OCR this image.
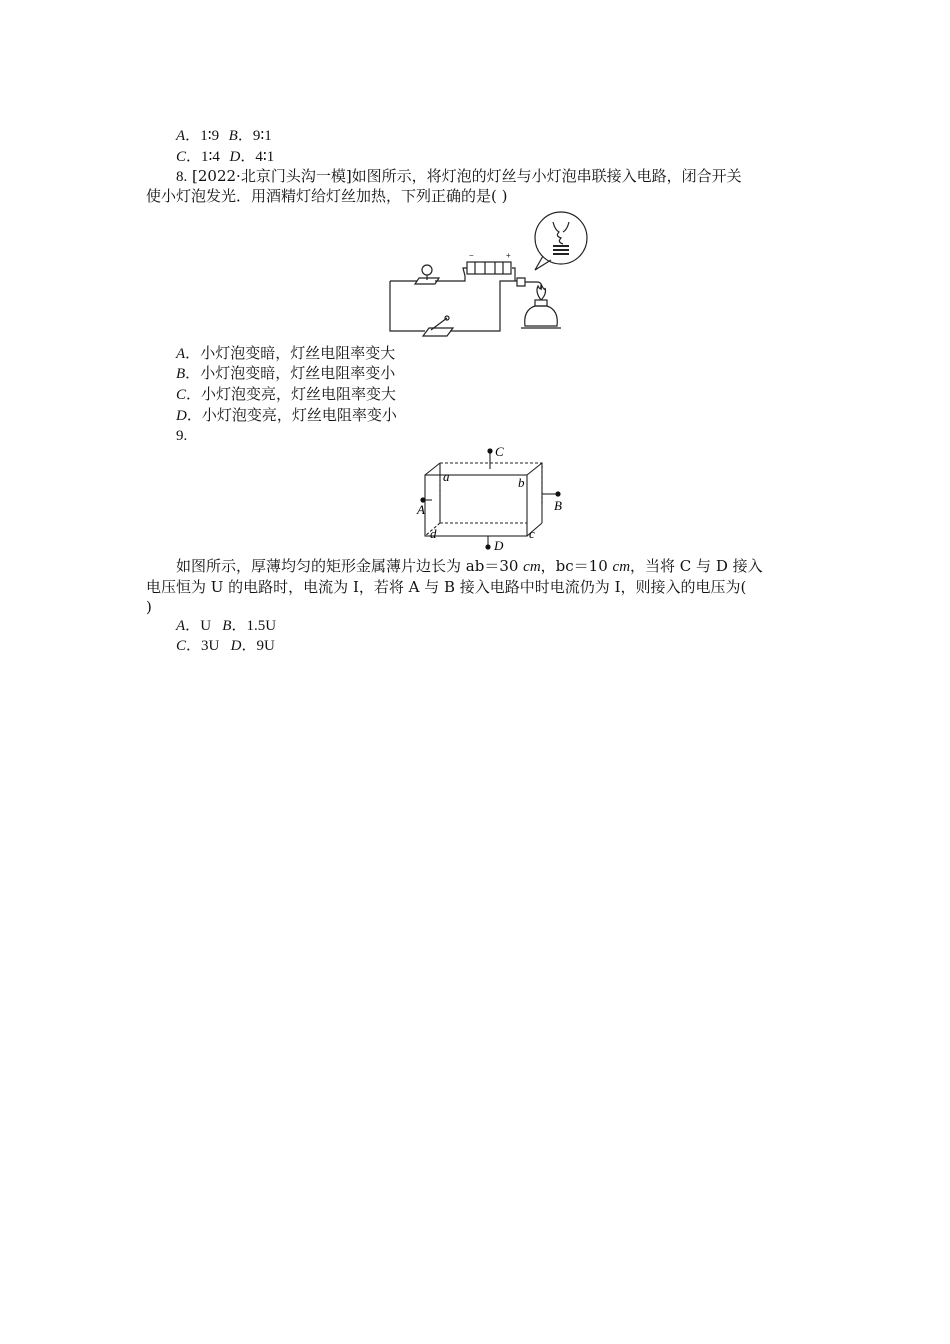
A．1∶9 B．9∶1
C．1∶4 D．4∶1
8. [2022·北京门头沟一模]如图所示，将灯泡的灯丝与小灯泡串联接入电路，闭合开关
使小灯泡发光．用酒精灯给灯丝加热，下列正确的是( )
−	+
A．小灯泡变暗，灯丝电阻率变大
B．小灯泡变暗，灯丝电阻率变小
C．小灯泡变亮，灯丝电阻率变大
D．小灯泡变亮，灯丝电阻率变小
9.
C
a	b
A	B
d	c
D
如图所示，厚薄均匀的矩形金属薄片边长为 ab＝30 cm，bc＝10 cm，当将 C 与 D 接入
电压恒为 U 的电路时，电流为 I，若将 A 与 B 接入电路中时电流仍为 I，则接入的电压为(
)
A．U B．1.5U
C．3U D．9U
